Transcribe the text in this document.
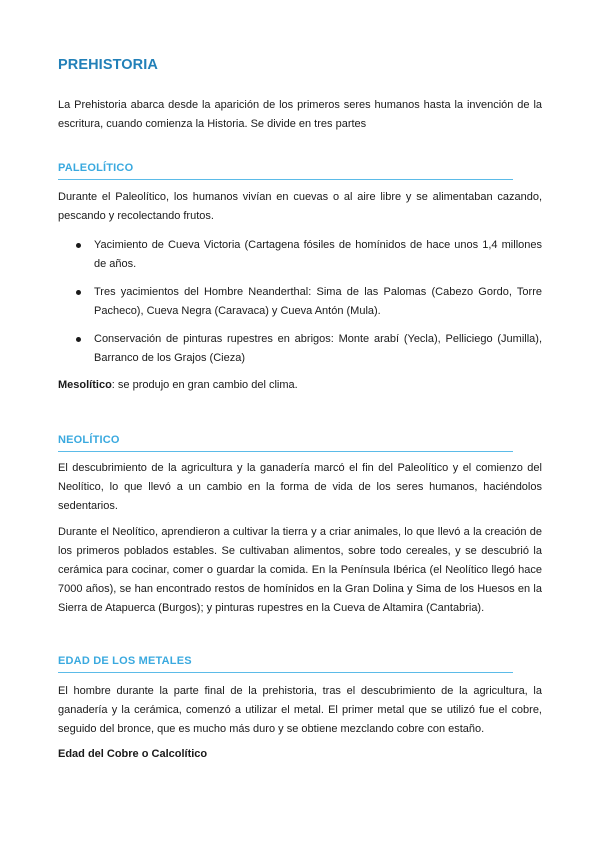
PREHISTORIA

La Prehistoria abarca desde la aparición de los primeros seres humanos hasta la invención de la escritura, cuando comienza la Historia. Se divide en tres partes

PALEOLÍTICO

Durante el Paleolítico, los humanos vivían en cuevas o al aire libre y se alimentaban cazando, pescando y recolectando frutos.

Yacimiento de Cueva Victoria (Cartagena fósiles de homínidos de hace unos 1,4 millones de años.
Tres yacimientos del Hombre Neanderthal: Sima de las Palomas (Cabezo Gordo, Torre Pacheco), Cueva Negra (Caravaca) y Cueva Antón (Mula).
Conservación de pinturas rupestres en abrigos: Monte arabí (Yecla), Pelliciego (Jumilla), Barranco de los Grajos (Cieza)

Mesolítico: se produjo en gran cambio del clima.

NEOLÍTICO

El descubrimiento de la agricultura y la ganadería marcó el fin del Paleolítico y el comienzo del Neolítico, lo que llevó a un cambio en la forma de vida de los seres humanos, haciéndolos sedentarios.

Durante el Neolítico, aprendieron a cultivar la tierra y a criar animales, lo que llevó a la creación de los primeros poblados estables. Se cultivaban alimentos, sobre todo cereales, y se descubrió la cerámica para cocinar, comer o guardar la comida. En la Península Ibérica (el Neolítico llegó hace 7000 años), se han encontrado restos de homínidos en la Gran Dolina y Sima de los Huesos en la Sierra de Atapuerca (Burgos); y pinturas rupestres en la Cueva de Altamira (Cantabria).

EDAD DE LOS METALES

El hombre durante la parte final de la prehistoria, tras el descubrimiento de la agricultura, la ganadería y la cerámica, comenzó a utilizar el metal. El primer metal que se utilizó fue el cobre, seguido del bronce, que es mucho más duro y se obtiene mezclando cobre con estaño.

Edad del Cobre o Calcolítico
